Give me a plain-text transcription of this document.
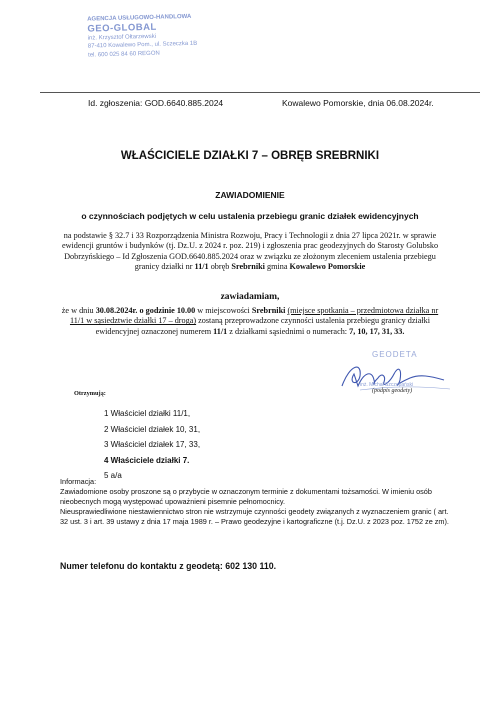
AGENCJA USŁUGOWO-HANDLOWA
GEO-GLOBAL
inż. Krzysztof Ołtarzewski
87-410 Kowalewo Pom., ul. Sczeczka 1B
tel. 600 025 84 60 REGON
Id. zgłoszenia: GOD.6640.885.2024	Kowalewo Pomorskie, dnia 06.08.2024r.
WŁAŚCICIELE DZIAŁKI 7 – OBRĘB SREBRNIKI
ZAWIADOMIENIE
o czynnościach podjętych w celu ustalenia przebiegu granic działek ewidencyjnych
na podstawie § 32.7 i 33 Rozporządzenia Ministra Rozwoju, Pracy i Technologii z dnia 27 lipca 2021r. w sprawie ewidencji gruntów i budynków (tj. Dz.U. z 2024 r. poz. 219) i zgłoszenia prac geodezyjnych do Starosty Golubsko Dobrzyńskiego – Id Zgłoszenia GOD.6640.885.2024 oraz w związku ze złożonym zleceniem ustalenia przebiegu granicy działki nr 11/1 obręb Srebrniki gmina Kowalewo Pomorskie
zawiadamiam,
że w dniu 30.08.2024r. o godzinie 10.00 w miejscowości Srebrniki (miejsce spotkania – przedmiotowa działka nr 11/1 w sąsiedztwie działki 17 – droga) zostaną przeprowadzone czynności ustalenia przebiegu granicy działki ewidencyjnej oznaczonej numerem 11/1 z działkami sąsiednimi o numerach: 7, 10, 17, 31, 33.
GEODETA
inż. Michał Szczepański
(podpis geodety)
Otrzymują:
1 Właściciel działki 11/1,
2 Właściciel działek 10, 31,
3 Właściciel działek 17, 33,
4 Właściciele działki 7.
5 a/a

Informacja:

Zawiadomione osoby proszone są o przybycie w oznaczonym terminie z dokumentami tożsamości. W imieniu osób nieobecnych mogą występować upoważnieni pisemnie pełnomocnicy.

Nieusprawiedliwione niestawiennictwo stron nie wstrzymuje czynności geodety związanych z wyznaczeniem granic ( art. 32 ust. 3 i art. 39 ustawy z dnia 17 maja 1989 r. – Prawo geodezyjne i kartograficzne (t.j. Dz.U. z 2023 poz. 1752 ze zm).

Numer telefonu do kontaktu z geodetą: 602 130 110.
